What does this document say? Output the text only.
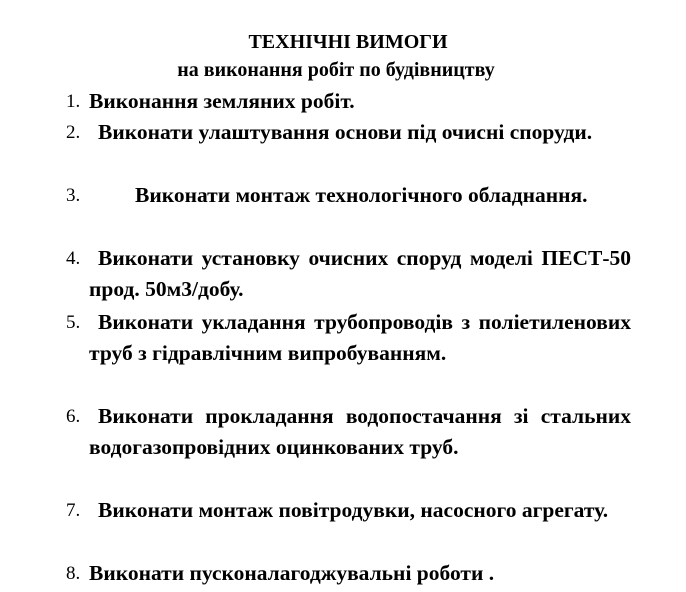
ТЕХНІЧНІ ВИМОГИ
на виконання робіт по будівництву
1. Виконання земляних робіт.
2. Виконати улаштування основи під очисні споруди.
3.	Виконати монтаж технологічного обладнання.
4. Виконати установку очисних споруд моделі ПЕСТ-50 прод. 50м3/добу.
5. Виконати укладання трубопроводів з поліетиленових труб з гідравлічним випробуванням.
6. Виконати прокладання водопостачання зі стальних водогазопровідних оцинкованих труб.
7. Виконати монтаж повітродувки, насосного агрегату.
8. Виконати пусконалагоджувальні роботи .
